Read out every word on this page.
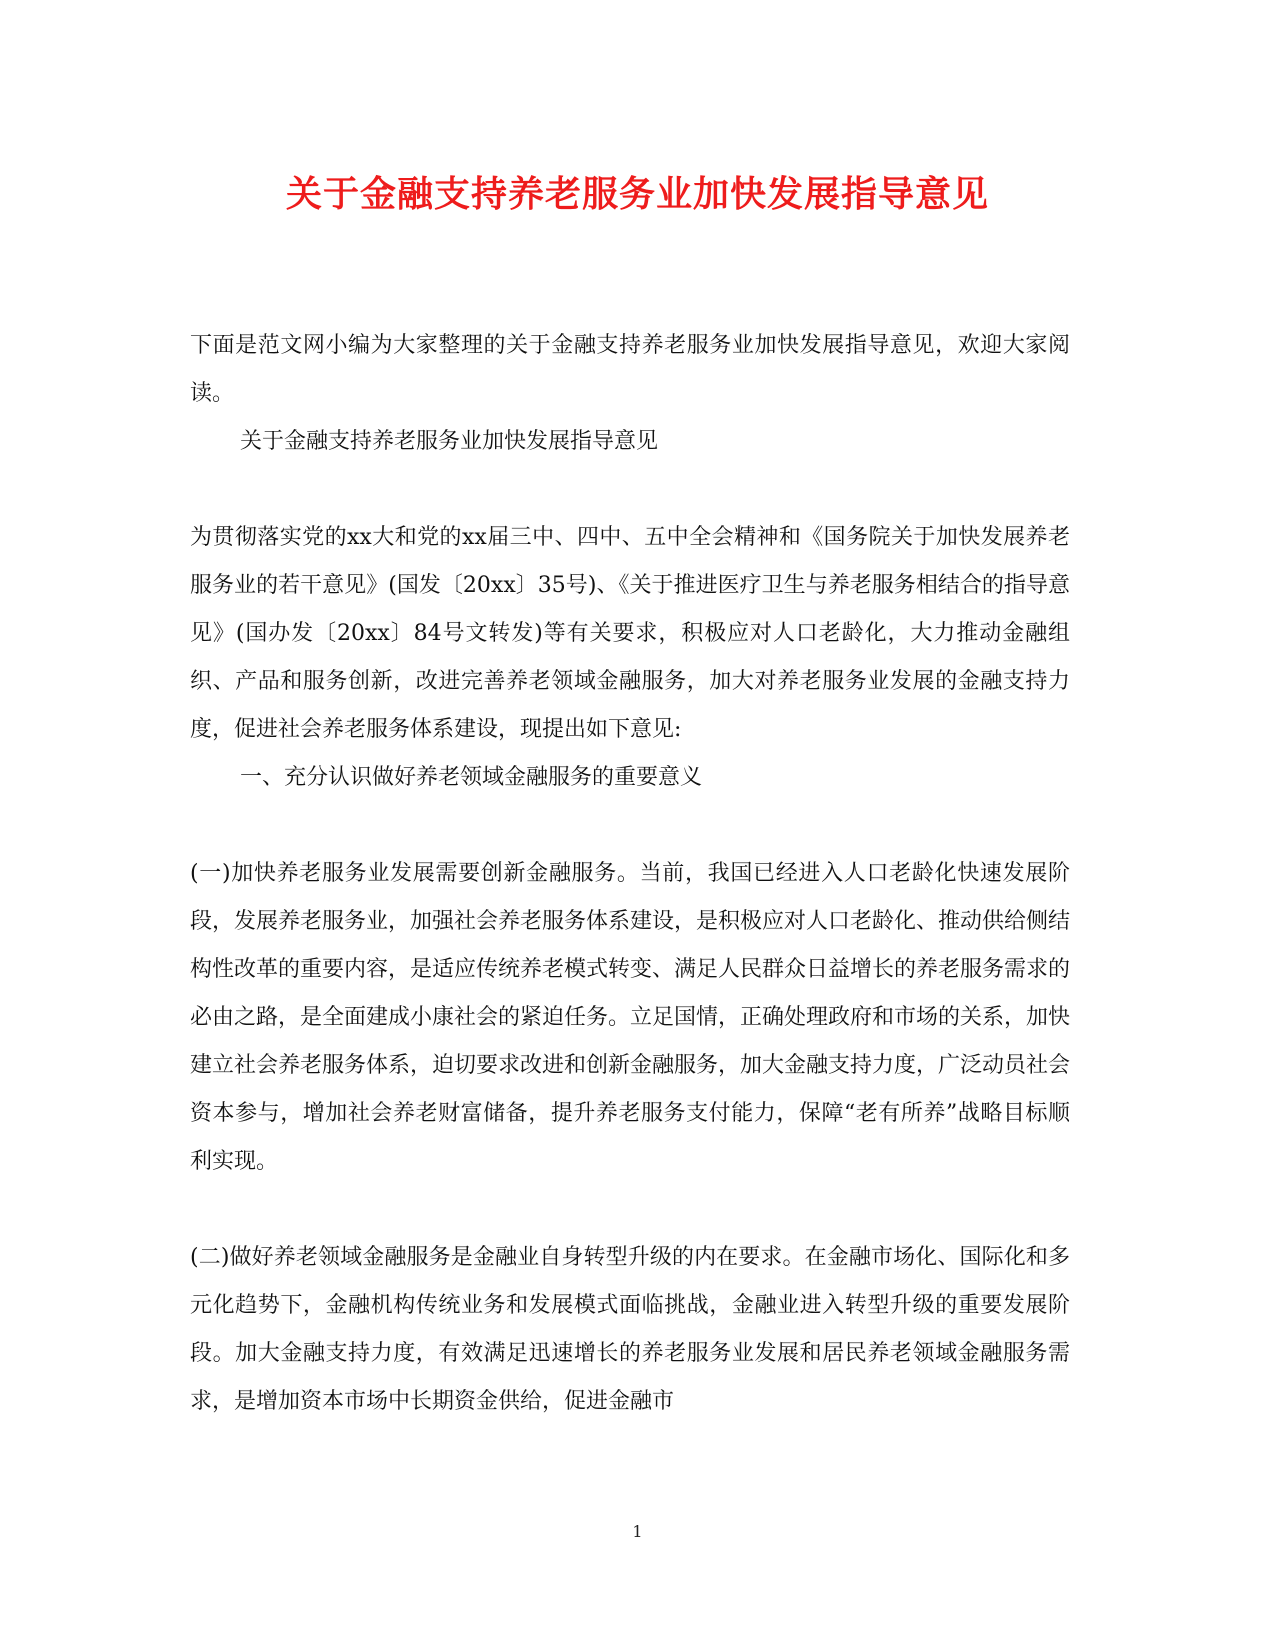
关于金融支持养老服务业加快发展指导意见

下面是范文网小编为大家整理的关于金融支持养老服务业加快发展指导意见，欢迎大家阅读。

关于金融支持养老服务业加快发展指导意见

为贯彻落实党的xx大和党的xx届三中、四中、五中全会精神和《国务院关于加快发展养老服务业的若干意见》(国发〔20xx〕35号)、《关于推进医疗卫生与养老服务相结合的指导意见》(国办发〔20xx〕84号文转发)等有关要求，积极应对人口老龄化，大力推动金融组织、产品和服务创新，改进完善养老领域金融服务，加大对养老服务业发展的金融支持力度，促进社会养老服务体系建设，现提出如下意见:

一、充分认识做好养老领域金融服务的重要意义

(一)加快养老服务业发展需要创新金融服务。当前，我国已经进入人口老龄化快速发展阶段，发展养老服务业，加强社会养老服务体系建设，是积极应对人口老龄化、推动供给侧结构性改革的重要内容，是适应传统养老模式转变、满足人民群众日益增长的养老服务需求的必由之路，是全面建成小康社会的紧迫任务。立足国情，正确处理政府和市场的关系，加快建立社会养老服务体系，迫切要求改进和创新金融服务，加大金融支持力度，广泛动员社会资本参与，增加社会养老财富储备，提升养老服务支付能力，保障“老有所养”战略目标顺利实现。

(二)做好养老领域金融服务是金融业自身转型升级的内在要求。在金融市场化、国际化和多元化趋势下，金融机构传统业务和发展模式面临挑战，金融业进入转型升级的重要发展阶段。加大金融支持力度，有效满足迅速增长的养老服务业发展和居民养老领域金融服务需求，是增加资本市场中长期资金供给，促进金融市

1
